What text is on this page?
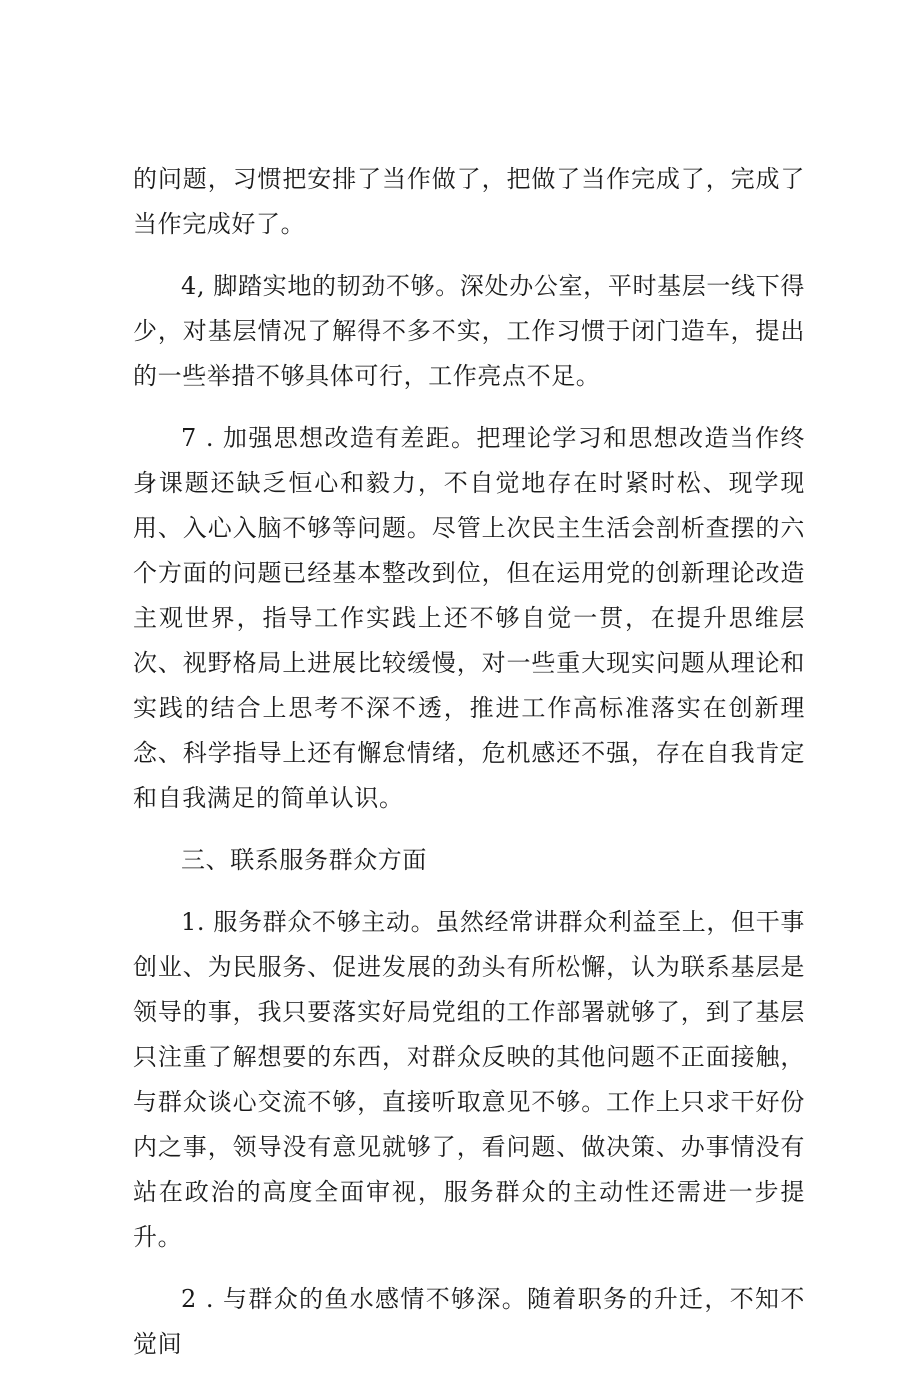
的问题，习惯把安排了当作做了，把做了当作完成了，完成了当作完成好了。

4, 脚踏实地的韧劲不够。深处办公室，平时基层一线下得少，对基层情况了解得不多不实，工作习惯于闭门造车，提出的一些举措不够具体可行，工作亮点不足。

7 . 加强思想改造有差距。把理论学习和思想改造当作终身课题还缺乏恒心和毅力，不自觉地存在时紧时松、现学现用、入心入脑不够等问题。尽管上次民主生活会剖析查摆的六个方面的问题已经基本整改到位，但在运用党的创新理论改造主观世界，指导工作实践上还不够自觉一贯，在提升思维层次、视野格局上进展比较缓慢，对一些重大现实问题从理论和实践的结合上思考不深不透，推进工作高标准落实在创新理念、科学指导上还有懈怠情绪，危机感还不强，存在自我肯定和自我满足的简单认识。

三、联系服务群众方面

1. 服务群众不够主动。虽然经常讲群众利益至上，但干事创业、为民服务、促进发展的劲头有所松懈，认为联系基层是领导的事，我只要落实好局党组的工作部署就够了，到了基层只注重了解想要的东西，对群众反映的其他问题不正面接触，与群众谈心交流不够，直接听取意见不够。工作上只求干好份内之事，领导没有意见就够了，看问题、做决策、办事情没有站在政治的高度全面审视，服务群众的主动性还需进一步提升。

2 . 与群众的鱼水感情不够深。随着职务的升迁，不知不觉间
